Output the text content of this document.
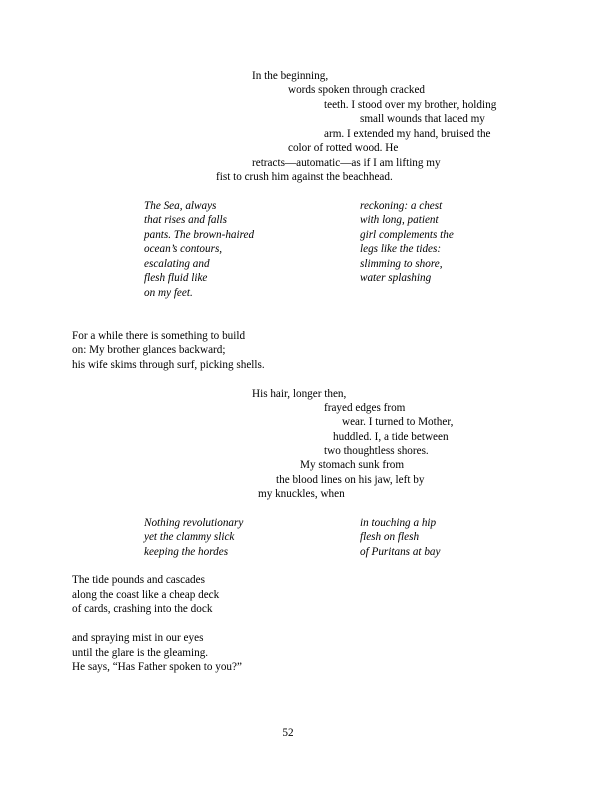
In the beginning,
words spoken through cracked
teeth. I stood over my brother, holding
small wounds that laced my
arm. I extended my hand, bruised the
color of rotted wood. He
retracts—automatic—as if I am lifting my
fist to crush him against the beachhead.
The Sea, always
that rises and falls
pants. The brown-haired
ocean’s contours,
escalating and
flesh fluid like
on my feet.
reckoning: a chest
with long, patient
girl complements the
legs like the tides:
slimming to shore,
water splashing
For a while there is something to build
on: My brother glances backward;
his wife skims through surf, picking shells.
His hair, longer then,
frayed edges from
wear. I turned to Mother,
huddled. I, a tide between
two thoughtless shores.
My stomach sunk from
the blood lines on his jaw, left by
my knuckles, when
Nothing revolutionary
yet the clammy slick
keeping the hordes
in touching a hip
flesh on flesh
of Puritans at bay
The tide pounds and cascades
along the coast like a cheap deck
of cards, crashing into the dock
and spraying mist in our eyes
until the glare is the gleaming.
He says, “Has Father spoken to you?”
52
